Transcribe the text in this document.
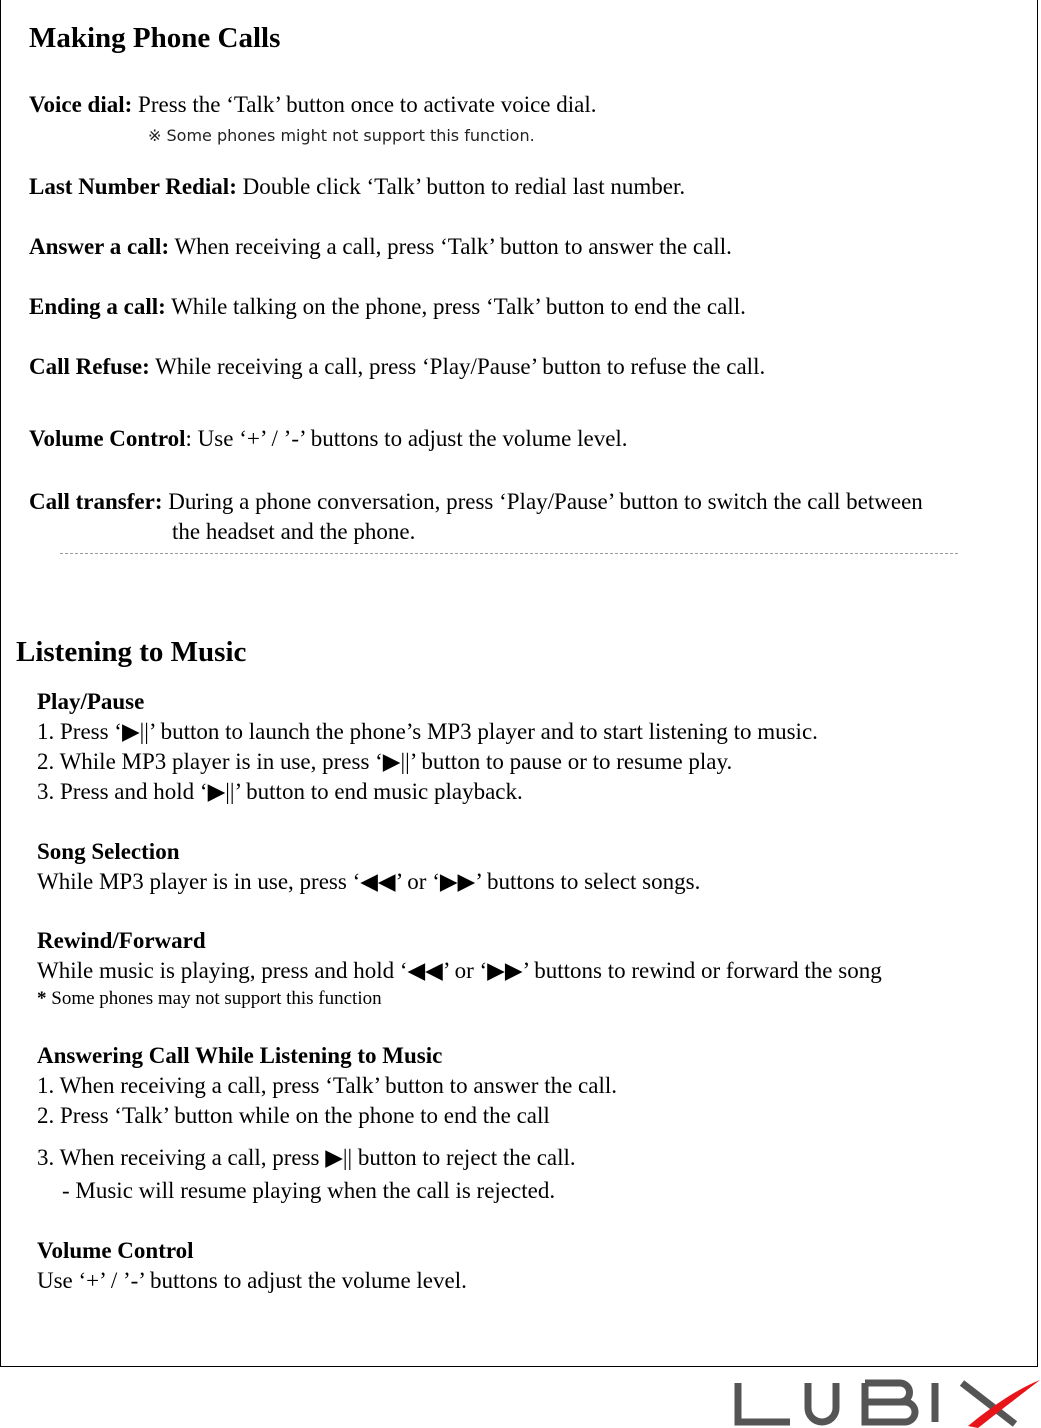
Making Phone Calls
Voice dial: Press the ‘Talk’ button once to activate voice dial.
※ Some phones might not support this function.
Last Number Redial: Double click ‘Talk’ button to redial last number.
Answer a call: When receiving a call, press ‘Talk’ button to answer the call.
Ending a call: While talking on the phone, press ‘Talk’ button to end the call.
Call Refuse: While receiving a call, press ‘Play/Pause’ button to refuse the call.
Volume Control: Use ‘+’ / ’-’ buttons to adjust the volume level.
Call transfer: During a phone conversation, press ‘Play/Pause’ button to switch the call between
the headset and the phone.
Listening to Music
Play/Pause
1. Press ‘▶||’ button to launch the phone’s MP3 player and to start listening to music.
2. While MP3 player is in use, press ‘▶||’ button to pause or to resume play.
3. Press and hold ‘▶||’ button to end music playback.
Song Selection
While MP3 player is in use, press ‘◀◀’ or ‘▶▶’ buttons to select songs.
Rewind/Forward
While music is playing, press and hold ‘◀◀’ or ‘▶▶’ buttons to rewind or forward the song
* Some phones may not support this function
Answering Call While Listening to Music
1. When receiving a call, press ‘Talk’ button to answer the call.
2. Press ‘Talk’ button while on the phone to end the call
3. When receiving a call, press ▶|| button to reject the call.
- Music will resume playing when the call is rejected.
Volume Control
Use ‘+’ / ’-’ buttons to adjust the volume level.
